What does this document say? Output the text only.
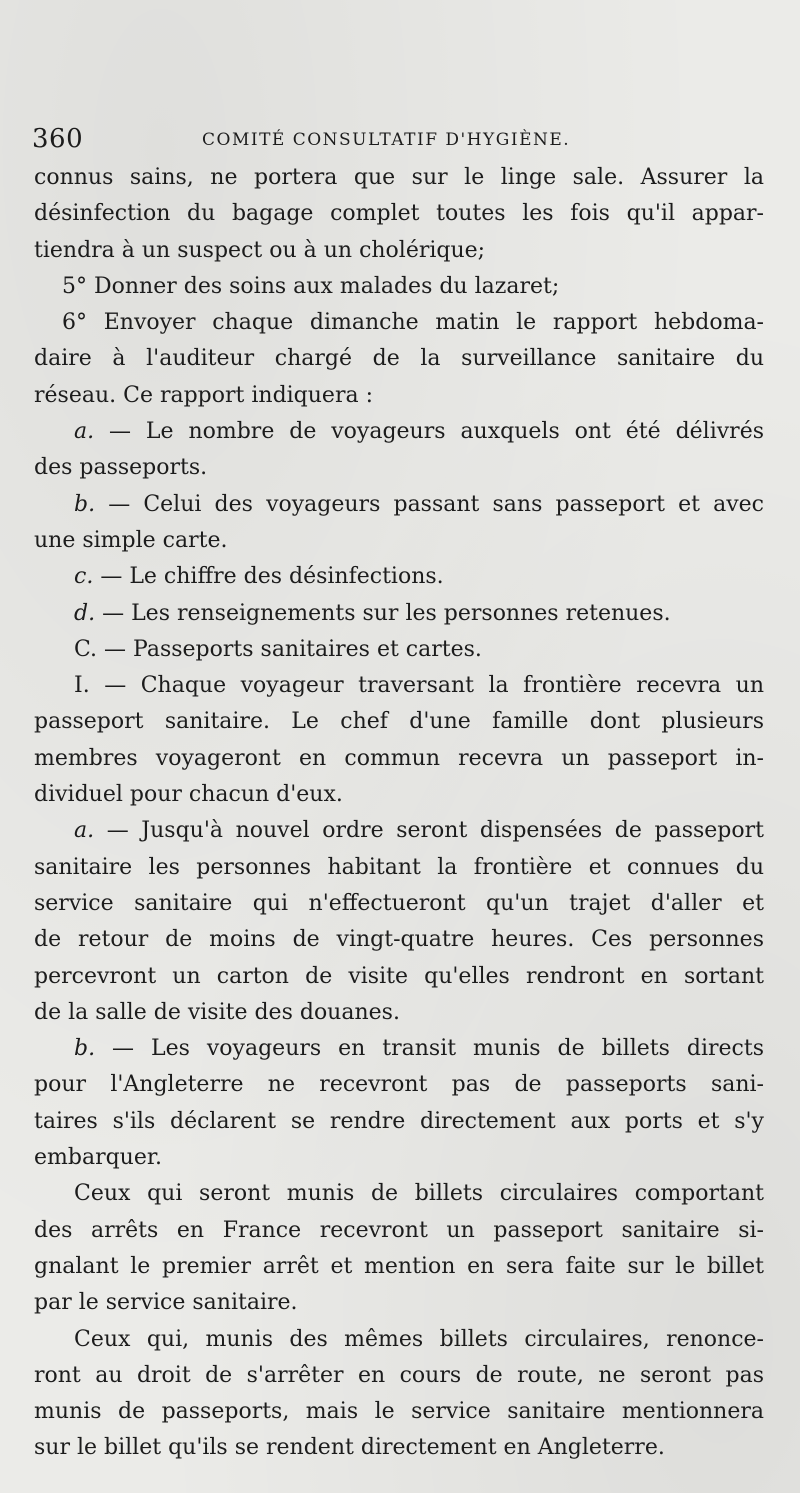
360	COMITÉ CONSULTATIF D'HYGIÈNE.
connus sains, ne portera que sur le linge sale. Assurer la
désinfection du bagage complet toutes les fois qu'il appar-
tiendra à un suspect ou à un cholérique;
5° Donner des soins aux malades du lazaret;
6° Envoyer chaque dimanche matin le rapport hebdoma-
daire à l'auditeur chargé de la surveillance sanitaire du
réseau. Ce rapport indiquera :
a. — Le nombre de voyageurs auxquels ont été délivrés
des passeports.
b. — Celui des voyageurs passant sans passeport et avec
une simple carte.
c. — Le chiffre des désinfections.
d. — Les renseignements sur les personnes retenues.
C. — Passeports sanitaires et cartes.
I. — Chaque voyageur traversant la frontière recevra un
passeport sanitaire. Le chef d'une famille dont plusieurs
membres voyageront en commun recevra un passeport in-
dividuel pour chacun d'eux.
a. — Jusqu'à nouvel ordre seront dispensées de passeport
sanitaire les personnes habitant la frontière et connues du
service sanitaire qui n'effectueront qu'un trajet d'aller et
de retour de moins de vingt-quatre heures. Ces personnes
percevront un carton de visite qu'elles rendront en sortant
de la salle de visite des douanes.
b. — Les voyageurs en transit munis de billets directs
pour l'Angleterre ne recevront pas de passeports sani-
taires s'ils déclarent se rendre directement aux ports et s'y
embarquer.
Ceux qui seront munis de billets circulaires comportant
des arrêts en France recevront un passeport sanitaire si-
gnalant le premier arrêt et mention en sera faite sur le billet
par le service sanitaire.
Ceux qui, munis des mêmes billets circulaires, renonce-
ront au droit de s'arrêter en cours de route, ne seront pas
munis de passeports, mais le service sanitaire mentionnera
sur le billet qu'ils se rendent directement en Angleterre.
